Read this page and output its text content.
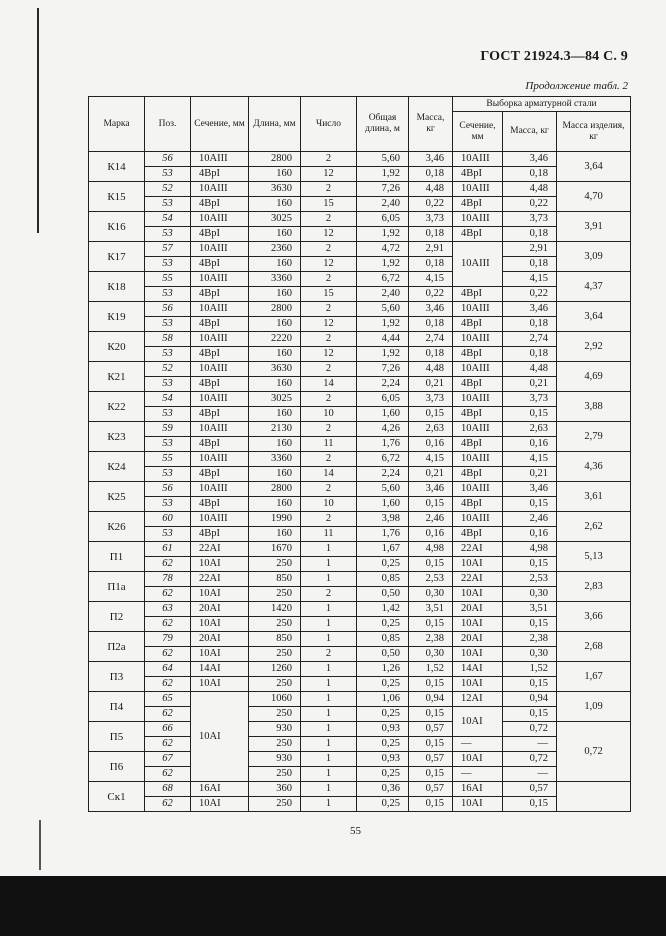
ГОСТ 21924.3—84 С. 9
Продолжение табл. 2
Марка	Поз.	Сечение, мм	Длина, мм	Число	Общая длина, м	Масса, кг	Выборка арматурной стали		
							Сечение, мм	Масса, кг	Масса изделия, кг
К14	56	10AIII	2800	2	5,60	3,46	10AIII	3,46	3,64
	53	4ВрI	160	12	1,92	0,18	4ВрI	0,18	
К15	52	10AIII	3630	2	7,26	4,48	10AIII	4,48	4,70
	53	4ВрI	160	15	2,40	0,22	4ВрI	0,22	
К16	54	10AIII	3025	2	6,05	3,73	10AIII	3,73	3,91
	53	4ВрI	160	12	1,92	0,18	4ВрI	0,18	
К17	57	10AIII	2360	2	4,72	2,91	10AIII	2,91	3,09
	53	4ВрI	160	12	1,92	0,18		0,18	
К18	55	10AIII	3360	2	6,72	4,15		4,15	4,37
	53	4ВрI	160	15	2,40	0,22	4ВрI	0,22	
К19	56	10AIII	2800	2	5,60	3,46	10AIII	3,46	3,64
	53	4ВрI	160	12	1,92	0,18	4ВрI	0,18	
К20	58	10AIII	2220	2	4,44	2,74	10AIII	2,74	2,92
	53	4ВрI	160	12	1,92	0,18	4ВрI	0,18	
К21	52	10AIII	3630	2	7,26	4,48	10AIII	4,48	4,69
	53	4ВрI	160	14	2,24	0,21	4ВрI	0,21	
К22	54	10AIII	3025	2	6,05	3,73	10AIII	3,73	3,88
	53	4ВрI	160	10	1,60	0,15	4ВрI	0,15	
К23	59	10AIII	2130	2	4,26	2,63	10AIII	2,63	2,79
	53	4ВрI	160	11	1,76	0,16	4ВрI	0,16	
К24	55	10AIII	3360	2	6,72	4,15	10AIII	4,15	4,36
	53	4ВрI	160	14	2,24	0,21	4ВрI	0,21	
К25	56	10AIII	2800	2	5,60	3,46	10AIII	3,46	3,61
	53	4ВрI	160	10	1,60	0,15	4ВрI	0,15	
К26	60	10AIII	1990	2	3,98	2,46	10AIII	2,46	2,62
	53	4ВрI	160	11	1,76	0,16	4ВрI	0,16	
П1	61	22AI	1670	1	1,67	4,98	22AI	4,98	5,13
	62	10AI	250	1	0,25	0,15	10AI	0,15	
П1а	78	22AI	850	1	0,85	2,53	22AI	2,53	2,83
	62	10AI	250	2	0,50	0,30	10AI	0,30	
П2	63	20AI	1420	1	1,42	3,51	20AI	3,51	3,66
	62	10AI	250	1	0,25	0,15	10AI	0,15	
П2а	79	20AI	850	1	0,85	2,38	20AI	2,38	2,68
	62	10AI	250	2	0,50	0,30	10AI	0,30	
П3	64	14AI	1260	1	1,26	1,52	14AI	1,52	1,67
	62	10AI	250	1	0,25	0,15	10AI	0,15	
П4	65	10AI	1060	1	1,06	0,94	12AI	0,94	1,09
	62		250	1	0,25	0,15	10AI	0,15	
П5	66		930	1	0,93	0,57		0,72	0,72
	62		250	1	0,25	0,15	—	—	
П6	67		930	1	0,93	0,57	10AI	0,72	
	62		250	1	0,25	0,15	—	—	
Ск1	68	16AI	360	1	0,36	0,57	16AI	0,57	
	62	10AI	250	1	0,25	0,15	10AI	0,15	
55
